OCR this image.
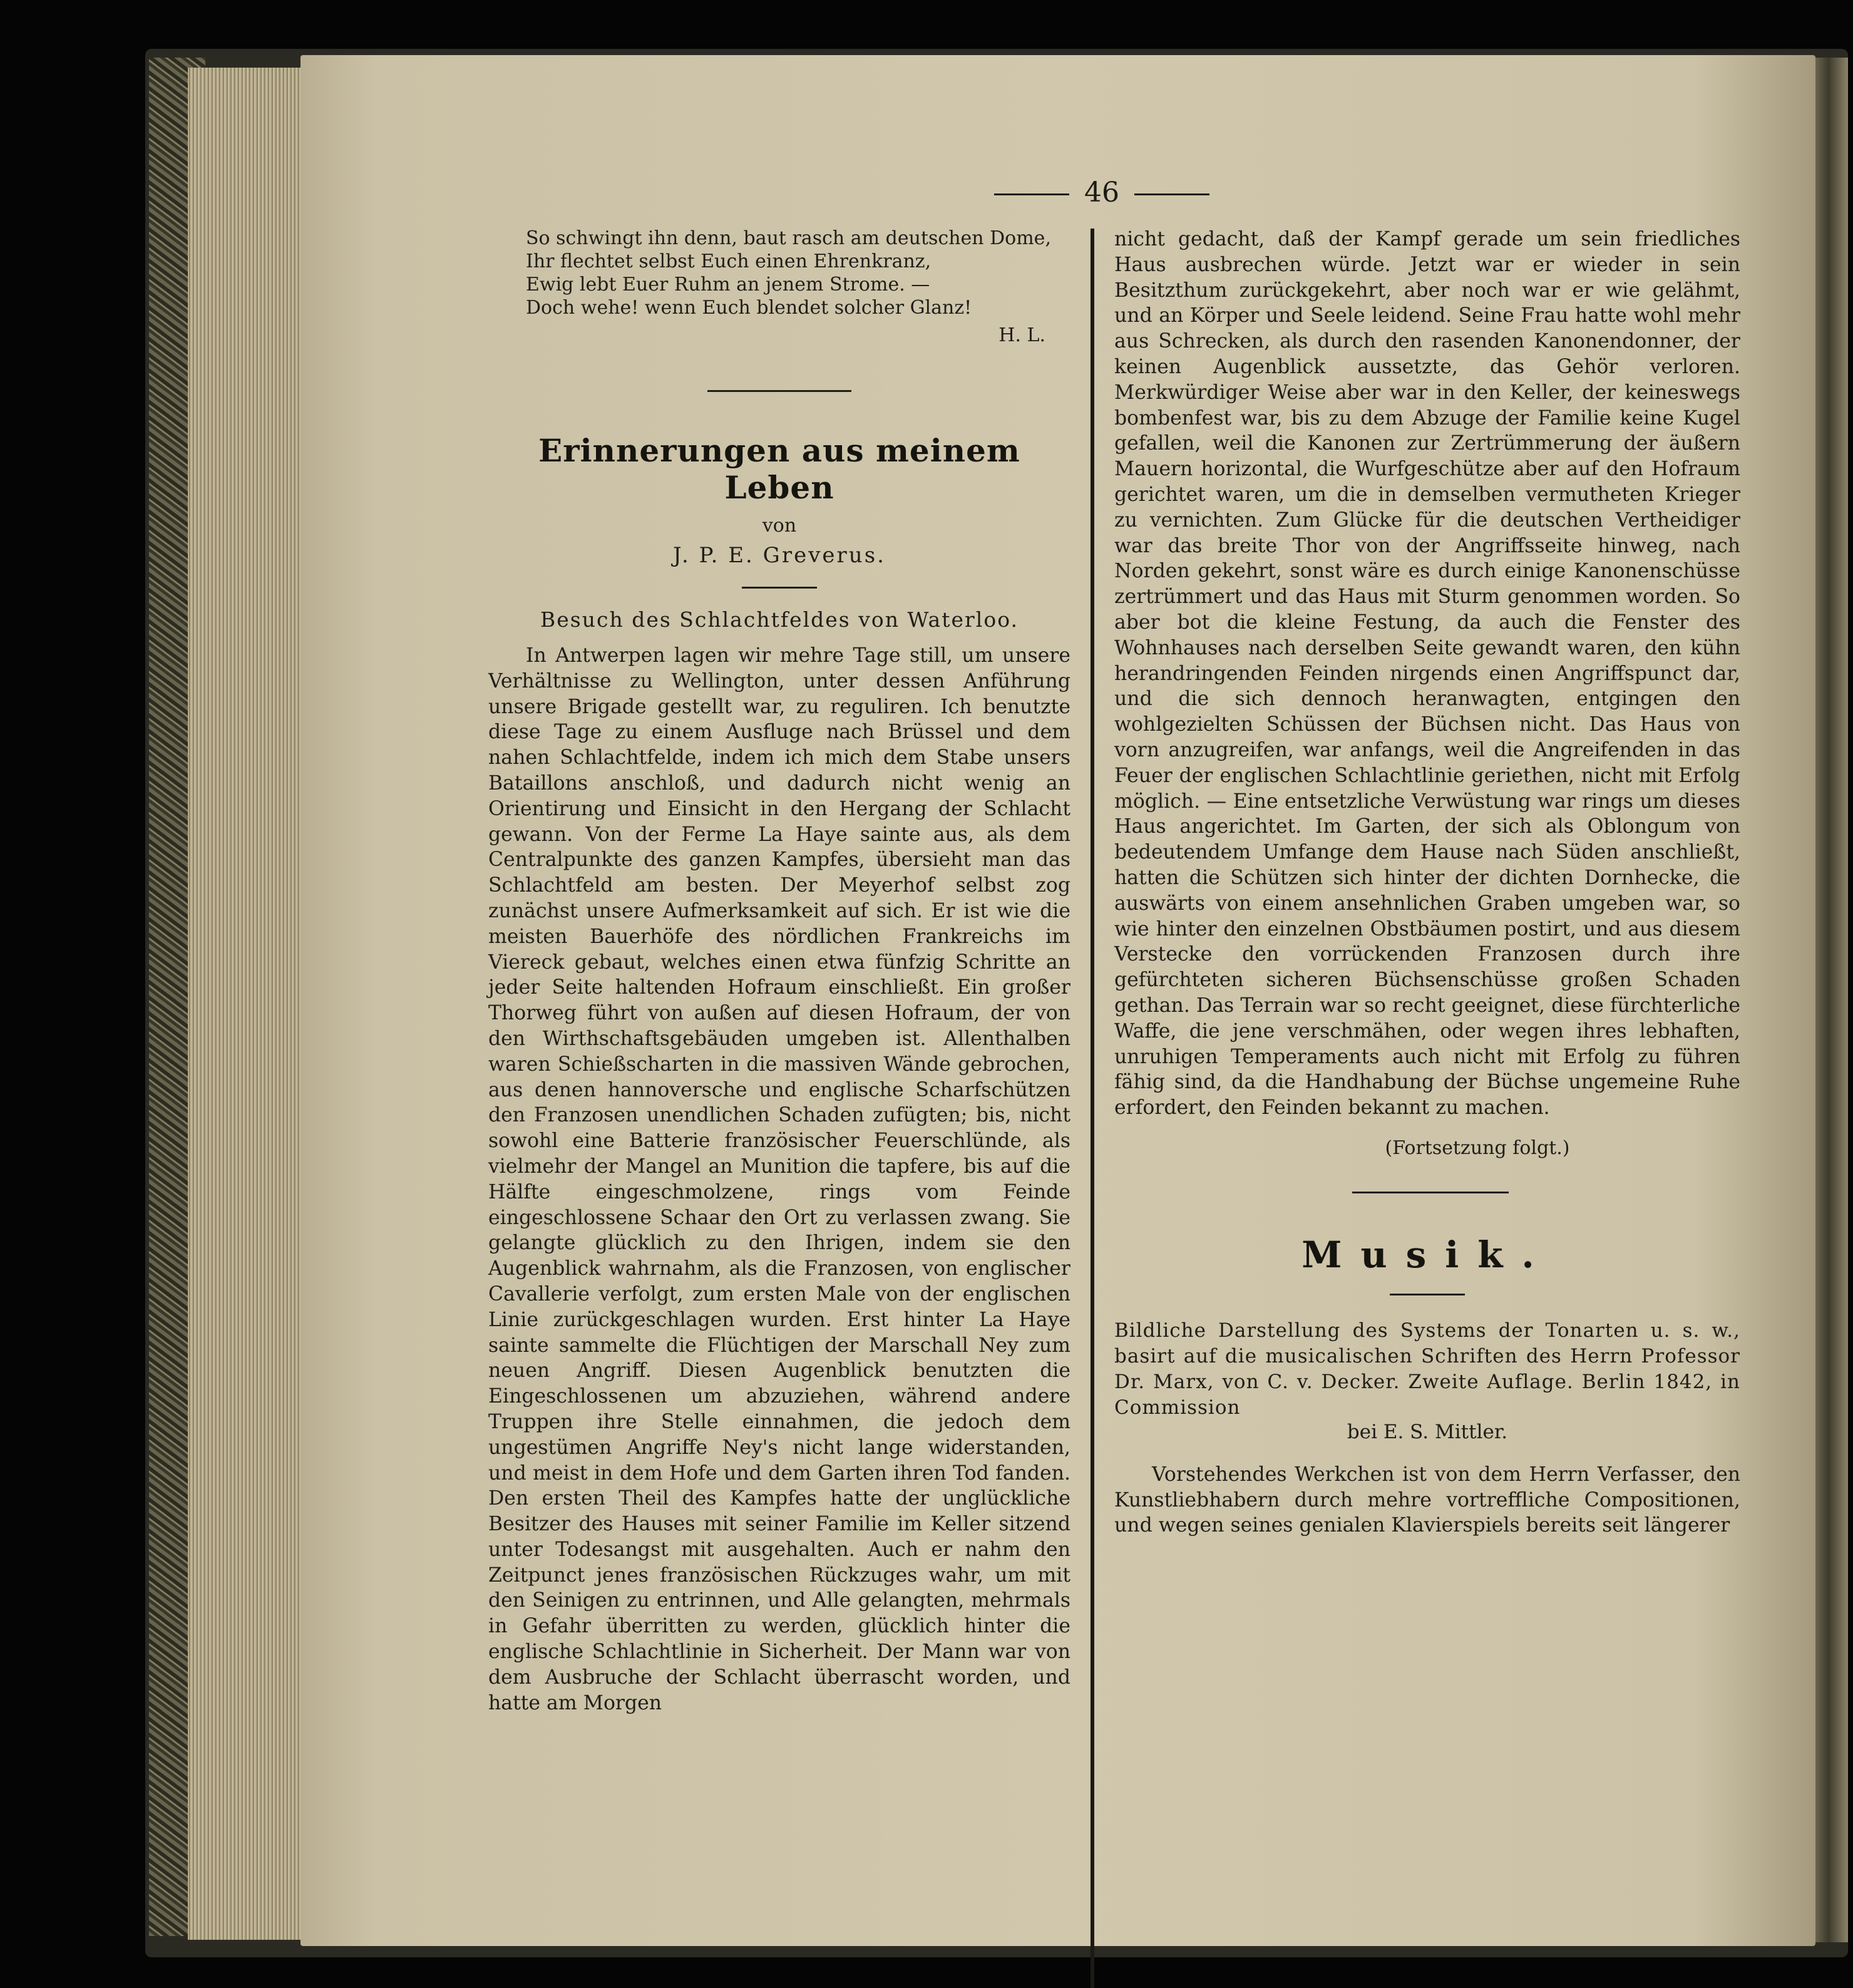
46
So schwingt ihn denn, baut rasch am deutschen Dome,
Ihr flechtet selbst Euch einen Ehrenkranz,
Ewig lebt Euer Ruhm an jenem Strome. —
Doch wehe! wenn Euch blendet solcher Glanz!
H. L.
Erinnerungen aus meinem Leben
von
J. P. E. Greverus.
Besuch des Schlachtfeldes von Waterloo.

In Antwerpen lagen wir mehre Tage still, um unsere Verhältnisse zu Wellington, unter dessen Anführung unsere Brigade gestellt war, zu reguliren. Ich benutzte diese Tage zu einem Ausfluge nach Brüssel und dem nahen Schlachtfelde, indem ich mich dem Stabe unsers Bataillons anschloß, und dadurch nicht wenig an Orientirung und Einsicht in den Hergang der Schlacht gewann. Von der Ferme La Haye sainte aus, als dem Centralpunkte des ganzen Kampfes, übersieht man das Schlachtfeld am besten. Der Meyerhof selbst zog zunächst unsere Aufmerksamkeit auf sich. Er ist wie die meisten Bauerhöfe des nördlichen Frankreichs im Viereck gebaut, welches einen etwa fünfzig Schritte an jeder Seite haltenden Hofraum einschließt. Ein großer Thorweg führt von außen auf diesen Hofraum, der von den Wirthschaftsgebäuden umgeben ist. Allenthalben waren Schießscharten in die massiven Wände gebrochen, aus denen hannoversche und englische Scharfschützen den Franzosen unendlichen Schaden zufügten; bis, nicht sowohl eine Batterie französischer Feuerschlünde, als vielmehr der Mangel an Munition die tapfere, bis auf die Hälfte eingeschmolzene, rings vom Feinde eingeschlossene Schaar den Ort zu verlassen zwang. Sie gelangte glücklich zu den Ihrigen, indem sie den Augenblick wahrnahm, als die Franzosen, von englischer Cavallerie verfolgt, zum ersten Male von der englischen Linie zurückgeschlagen wurden. Erst hinter La Haye sainte sammelte die Flüchtigen der Marschall Ney zum neuen Angriff. Diesen Augenblick benutzten die Eingeschlossenen um abzuziehen, während andere Truppen ihre Stelle einnahmen, die jedoch dem ungestümen Angriffe Ney's nicht lange widerstanden, und meist in dem Hofe und dem Garten ihren Tod fanden. Den ersten Theil des Kampfes hatte der unglückliche Besitzer des Hauses mit seiner Familie im Keller sitzend unter Todesangst mit ausgehalten. Auch er nahm den Zeitpunct jenes französischen Rückzuges wahr, um mit den Seinigen zu entrinnen, und Alle gelangten, mehrmals in Gefahr überritten zu werden, glücklich hinter die englische Schlachtlinie in Sicherheit. Der Mann war von dem Ausbruche der Schlacht überrascht worden, und hatte am Morgen

nicht gedacht, daß der Kampf gerade um sein friedliches Haus ausbrechen würde. Jetzt war er wieder in sein Besitzthum zurückgekehrt, aber noch war er wie gelähmt, und an Körper und Seele leidend. Seine Frau hatte wohl mehr aus Schrecken, als durch den rasenden Kanonendonner, der keinen Augenblick aussetzte, das Gehör verloren. Merkwürdiger Weise aber war in den Keller, der keineswegs bombenfest war, bis zu dem Abzuge der Familie keine Kugel gefallen, weil die Kanonen zur Zertrümmerung der äußern Mauern horizontal, die Wurfgeschütze aber auf den Hofraum gerichtet waren, um die in demselben vermutheten Krieger zu vernichten. Zum Glücke für die deutschen Vertheidiger war das breite Thor von der Angriffsseite hinweg, nach Norden gekehrt, sonst wäre es durch einige Kanonenschüsse zertrümmert und das Haus mit Sturm genommen worden. So aber bot die kleine Festung, da auch die Fenster des Wohnhauses nach derselben Seite gewandt waren, den kühn herandringenden Feinden nirgends einen Angriffspunct dar, und die sich dennoch heranwagten, entgingen den wohlgezielten Schüssen der Büchsen nicht. Das Haus von vorn anzugreifen, war anfangs, weil die Angreifenden in das Feuer der englischen Schlachtlinie geriethen, nicht mit Erfolg möglich. — Eine entsetzliche Verwüstung war rings um dieses Haus angerichtet. Im Garten, der sich als Oblongum von bedeutendem Umfange dem Hause nach Süden anschließt, hatten die Schützen sich hinter der dichten Dornhecke, die auswärts von einem ansehnlichen Graben umgeben war, so wie hinter den einzelnen Obstbäumen postirt, und aus diesem Verstecke den vorrückenden Franzosen durch ihre gefürchteten sicheren Büchsenschüsse großen Schaden gethan. Das Terrain war so recht geeignet, diese fürchterliche Waffe, die jene verschmähen, oder wegen ihres lebhaften, unruhigen Temperaments auch nicht mit Erfolg zu führen fähig sind, da die Handhabung der Büchse ungemeine Ruhe erfordert, den Feinden bekannt zu machen.

(Fortsetzung folgt.)
Musik.
Bildliche Darstellung des Systems der Tonarten u. s. w., basirt auf die musicalischen Schriften des Herrn Professor Dr. Marx, von C. v. Decker. Zweite Auflage. Berlin 1842, in Commission
bei E. S. Mittler.

Vorstehendes Werkchen ist von dem Herrn Verfasser, den Kunstliebhabern durch mehre vortreffliche Compositionen, und wegen seines genialen Klavierspiels bereits seit längerer
